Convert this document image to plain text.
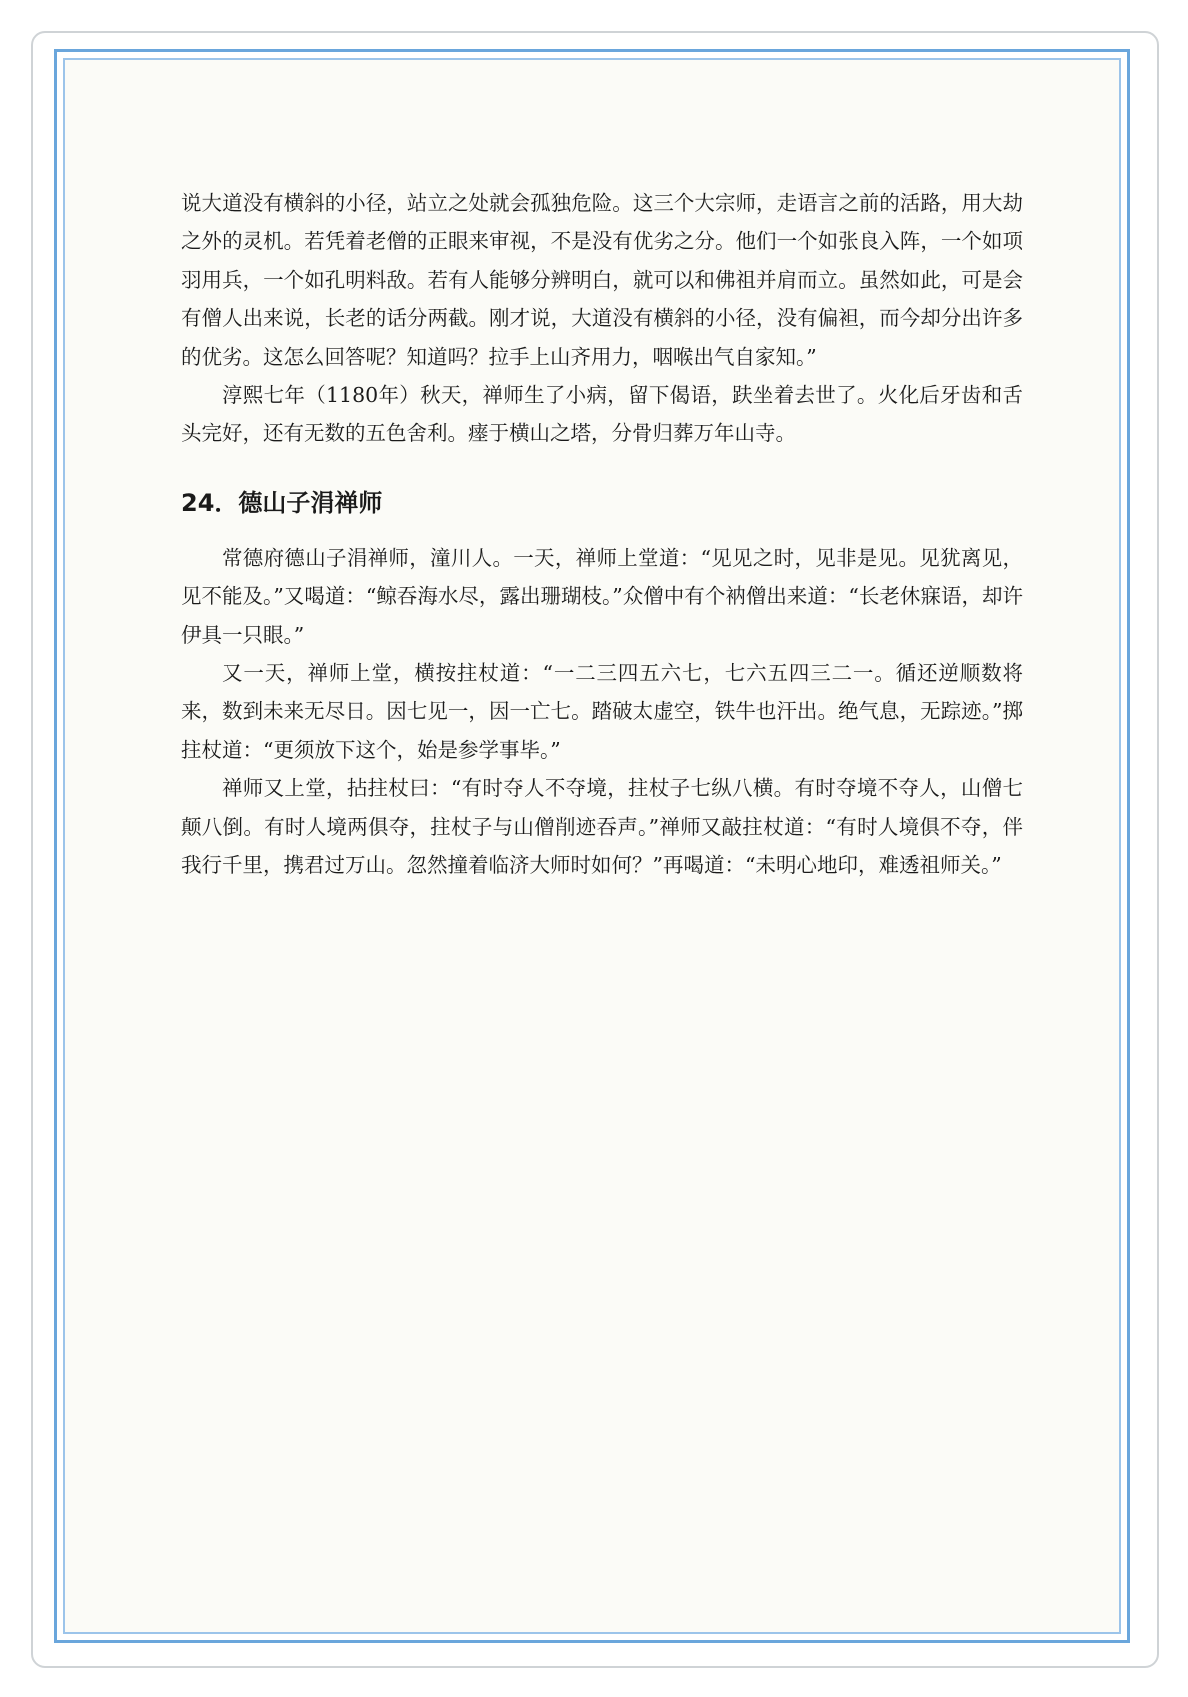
说大道没有横斜的小径，站立之处就会孤独危险。这三个大宗师，走语言之前的活路，用大劫之外的灵机。若凭着老僧的正眼来审视，不是没有优劣之分。他们一个如张良入阵，一个如项羽用兵，一个如孔明料敌。若有人能够分辨明白，就可以和佛祖并肩而立。虽然如此，可是会有僧人出来说，长老的话分两截。刚才说，大道没有横斜的小径，没有偏袒，而今却分出许多的优劣。这怎么回答呢？知道吗？拉手上山齐用力，咽喉出气自家知。”

淳熙七年（1180年）秋天，禅师生了小病，留下偈语，趺坐着去世了。火化后牙齿和舌头完好，还有无数的五色舍利。瘗于横山之塔，分骨归葬万年山寺。

24．德山子涓禅师

常德府德山子涓禅师，潼川人。一天，禅师上堂道：“见见之时，见非是见。见犹离见，见不能及。”又喝道：“鲸吞海水尽，露出珊瑚枝。”众僧中有个衲僧出来道：“长老休寐语，却许伊具一只眼。”

又一天，禅师上堂，横按拄杖道：“一二三四五六七，七六五四三二一。循还逆顺数将来，数到未来无尽日。因七见一，因一亡七。踏破太虚空，铁牛也汗出。绝气息，无踪迹。”掷拄杖道：“更须放下这个，始是参学事毕。”

禅师又上堂，拈拄杖曰：“有时夺人不夺境，拄杖子七纵八横。有时夺境不夺人，山僧七颠八倒。有时人境两俱夺，拄杖子与山僧削迹吞声。”禅师又敲拄杖道：“有时人境俱不夺，伴我行千里，携君过万山。忽然撞着临济大师时如何？”再喝道：“未明心地印，难透祖师关。”
